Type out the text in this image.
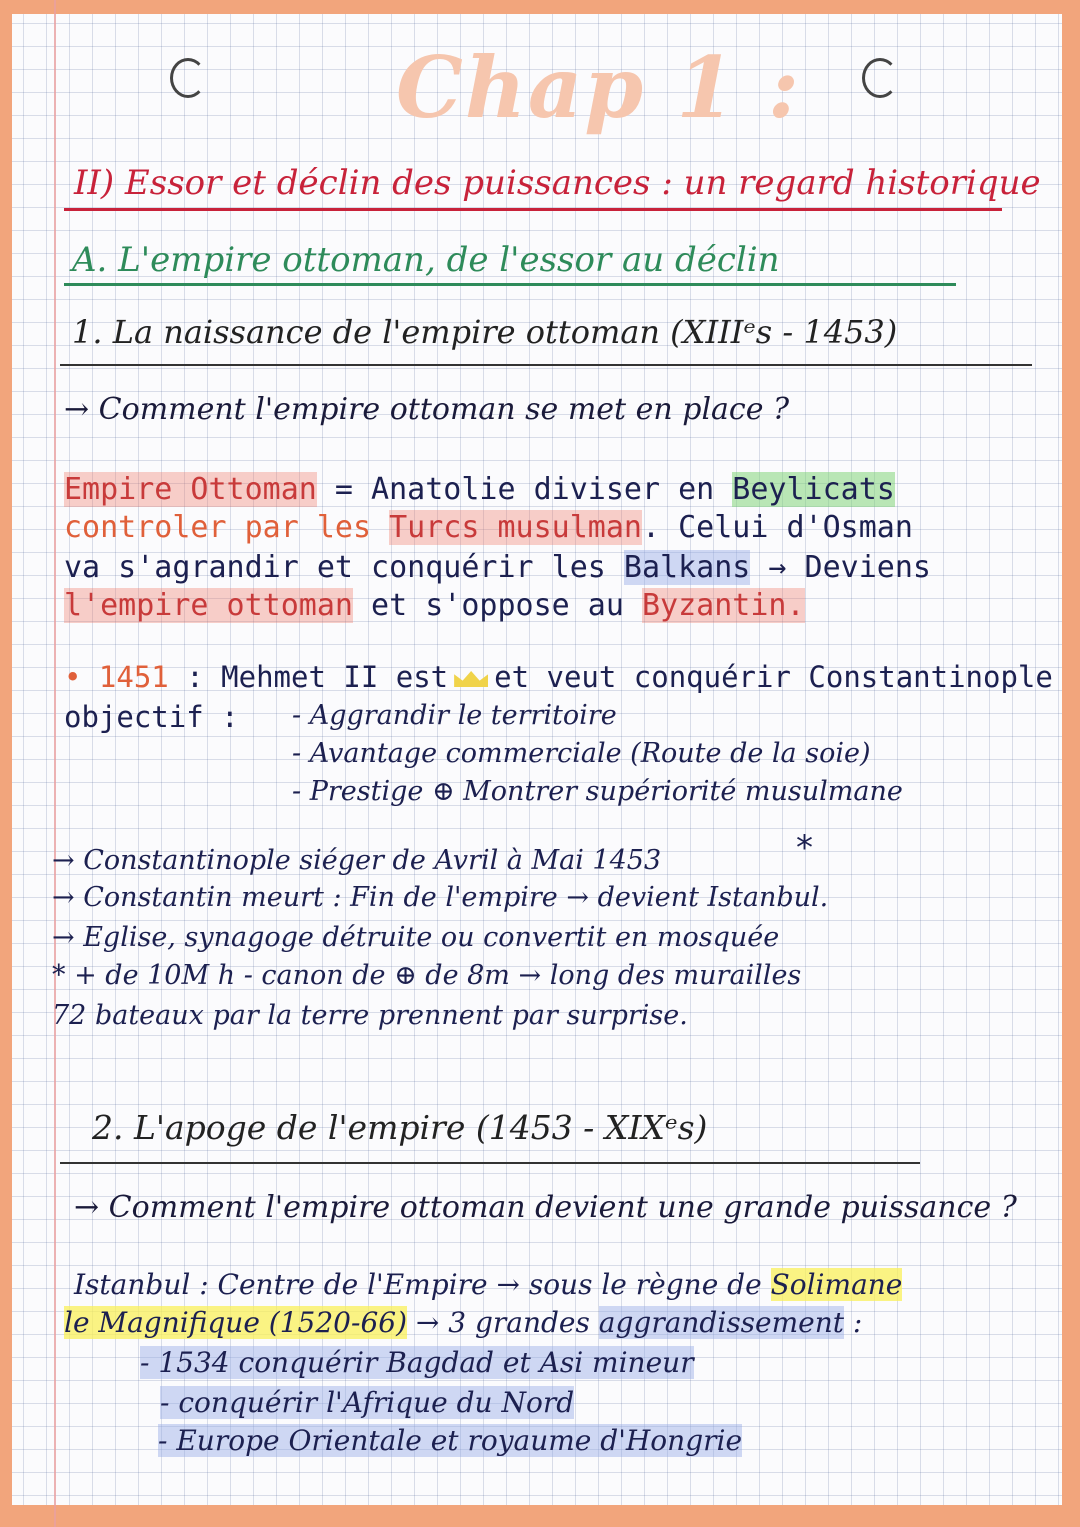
Chap 1 :
II) Essor et déclin des puissances : un regard historique
A. L'empire ottoman, de l'essor au déclin
1. La naissance de l'empire ottoman (XIIIᵉs - 1453)
→ Comment l'empire ottoman se met en place ?
Empire Ottoman = Anatolie diviser en Beylicats
controler par les Turcs musulman. Celui d'Osman
va s'agrandir et conquérir les Balkans → Deviens
l'empire ottoman et s'oppose au Byzantin.
• 1451 : Mehmet II est et veut conquérir Constantinople
objectif : - Aggrandir le territoire
- Avantage commerciale (Route de la soie)
- Prestige ⊕ Montrer supériorité musulmane
*
→ Constantinople siéger de Avril à Mai 1453
→ Constantin meurt : Fin de l'empire → devient Istanbul.
→ Eglise, synagoge détruite ou convertit en mosquée
* + de 10M h - canon de ⊕ de 8m → long des murailles
72 bateaux par la terre prennent par surprise.
2. L'apoge de l'empire (1453 - XIXᵉs)
→ Comment l'empire ottoman devient une grande puissance ?
Istanbul : Centre de l'Empire → sous le règne de Solimane
le Magnifique (1520-66) → 3 grandes aggrandissement :
- 1534 conquérir Bagdad et Asi mineur
- conquérir l'Afrique du Nord
- Europe Orientale et royaume d'Hongrie
